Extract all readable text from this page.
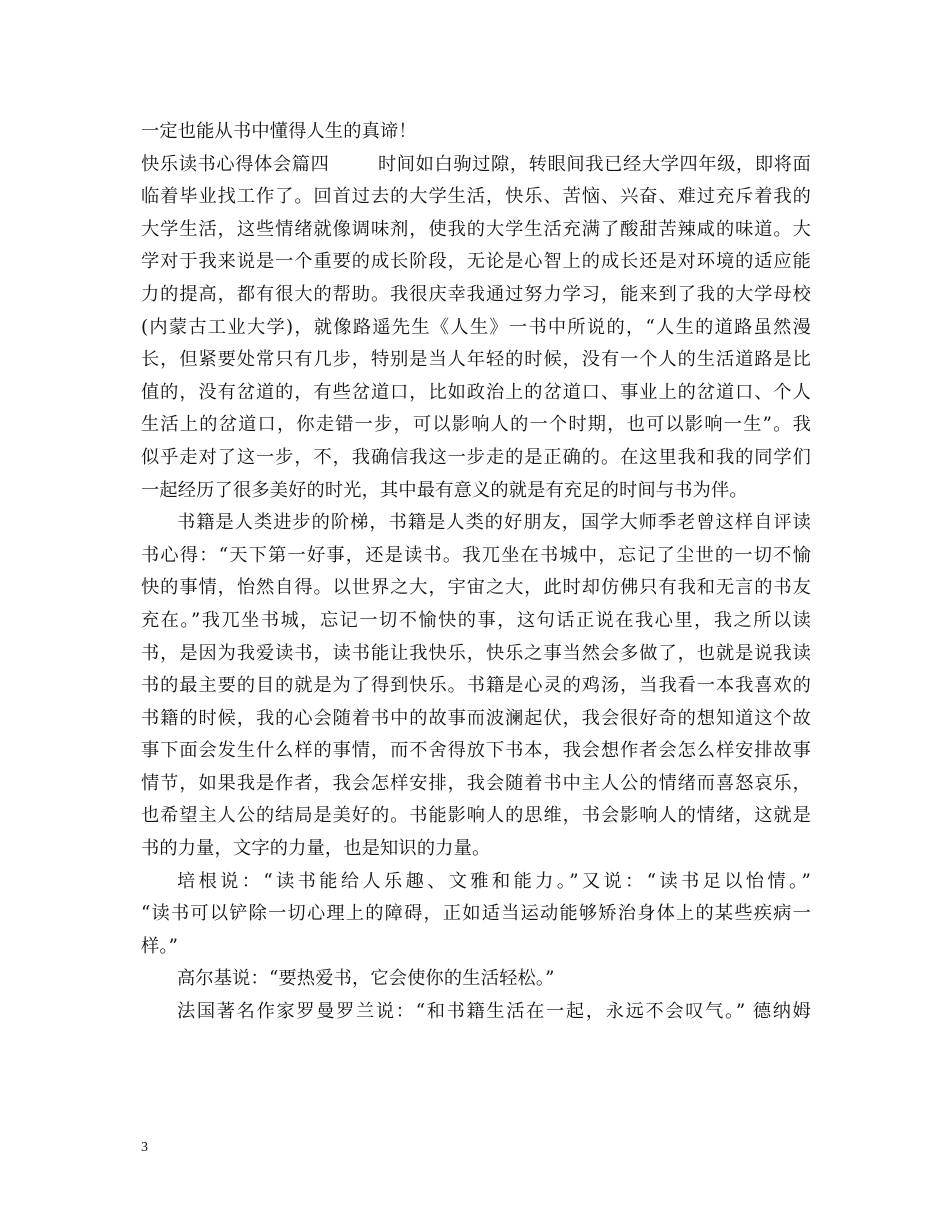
一定也能从书中懂得人生的真谛！
快乐读书心得体会篇四	时间如白驹过隙，转眼间我已经大学四年级，即将面
临着毕业找工作了。回首过去的大学生活，快乐、苦恼、兴奋、难过充斥着我的
大学生活，这些情绪就像调味剂，使我的大学生活充满了酸甜苦辣咸的味道。大
学对于我来说是一个重要的成长阶段，无论是心智上的成长还是对环境的适应能
力的提高，都有很大的帮助。我很庆幸我通过努力学习，能来到了我的大学母校
(内蒙古工业大学)，就像路遥先生《人生》一书中所说的，“人生的道路虽然漫
长，但紧要处常只有几步，特别是当人年轻的时候，没有一个人的生活道路是比
值的，没有岔道的，有些岔道口，比如政治上的岔道口、事业上的岔道口、个人
生活上的岔道口，你走错一步，可以影响人的一个时期，也可以影响一生”。我
似乎走对了这一步，不，我确信我这一步走的是正确的。在这里我和我的同学们
一起经历了很多美好的时光，其中最有意义的就是有充足的时间与书为伴。
书籍是人类进步的阶梯，书籍是人类的好朋友，国学大师季老曾这样自评读
书心得：“天下第一好事，还是读书。我兀坐在书城中，忘记了尘世的一切不愉
快的事情，怡然自得。以世界之大，宇宙之大，此时却仿佛只有我和无言的书友
充在。”我兀坐书城，忘记一切不愉快的事，这句话正说在我心里，我之所以读
书，是因为我爱读书，读书能让我快乐，快乐之事当然会多做了，也就是说我读
书的最主要的目的就是为了得到快乐。书籍是心灵的鸡汤，当我看一本我喜欢的
书籍的时候，我的心会随着书中的故事而波澜起伏，我会很好奇的想知道这个故
事下面会发生什么样的事情，而不舍得放下书本，我会想作者会怎么样安排故事
情节，如果我是作者，我会怎样安排，我会随着书中主人公的情绪而喜怒哀乐，
也希望主人公的结局是美好的。书能影响人的思维，书会影响人的情绪，这就是
书的力量，文字的力量，也是知识的力量。
培根说：“读书能给人乐趣、文雅和能力。”又说：“读书足以怡情。”
“读书可以铲除一切心理上的障碍，正如适当运动能够矫治身体上的某些疾病一
样。”
高尔基说：“要热爱书，它会使你的生活轻松。”
法国著名作家罗曼罗兰说：“和书籍生活在一起，永远不会叹气。” 德纳姆
3
